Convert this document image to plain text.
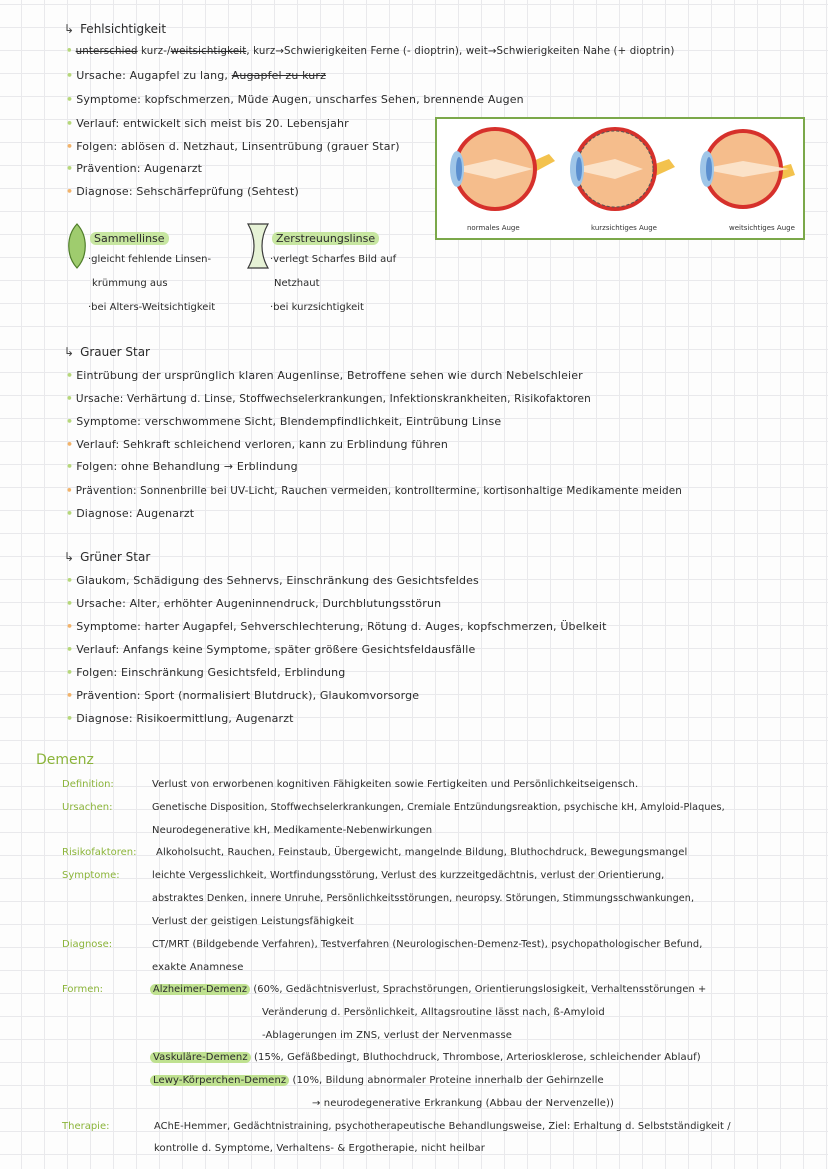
↳ Fehlsichtigkeit
• unterschied kurz-/weitsichtigkeit, kurz→Schwierigkeiten Ferne (- dioptrin), weit→Schwierigkeiten Nahe (+ dioptrin)
• Ursache: Augapfel zu lang, Augapfel zu kurz
• Symptome: kopfschmerzen, Müde Augen, unscharfes Sehen, brennende Augen
• Verlauf: entwickelt sich meist bis 20. Lebensjahr
• Folgen: ablösen d. Netzhaut, Linsentrübung (grauer Star)
• Prävention: Augenarzt
• Diagnose: Sehschärfeprüfung (Sehtest)
normales Auge	kurzsichtiges Auge	weitsichtiges Auge
Sammellinse
·gleicht fehlende Linsen-
krümmung aus
·bei Alters-Weitsichtigkeit
Zerstreuungslinse
·verlegt Scharfes Bild auf
Netzhaut
·bei kurzsichtigkeit
↳ Grauer Star
• Eintrübung der ursprünglich klaren Augenlinse, Betroffene sehen wie durch Nebelschleier
• Ursache: Verhärtung d. Linse, Stoffwechselerkrankungen, Infektionskrankheiten, Risikofaktoren
• Symptome: verschwommene Sicht, Blendempfindlichkeit, Eintrübung Linse
• Verlauf: Sehkraft schleichend verloren, kann zu Erblindung führen
• Folgen: ohne Behandlung → Erblindung
• Prävention: Sonnenbrille bei UV-Licht, Rauchen vermeiden, kontrolltermine, kortisonhaltige Medikamente meiden
• Diagnose: Augenarzt
↳ Grüner Star
• Glaukom, Schädigung des Sehnervs, Einschränkung des Gesichtsfeldes
• Ursache: Alter, erhöhter Augeninnendruck, Durchblutungsstörun
• Symptome: harter Augapfel, Sehverschlechterung, Rötung d. Auges, kopfschmerzen, Übelkeit
• Verlauf: Anfangs keine Symptome, später größere Gesichtsfeldausfälle
• Folgen: Einschränkung Gesichtsfeld, Erblindung
• Prävention: Sport (normalisiert Blutdruck), Glaukomvorsorge
• Diagnose: Risikoermittlung, Augenarzt
Demenz
Definition:	Verlust von erworbenen kognitiven Fähigkeiten sowie Fertigkeiten und Persönlichkeitseigensch.
Ursachen:	Genetische Disposition, Stoffwechselerkrankungen, Cremiale Entzündungsreaktion, psychische kH, Amyloid-Plaques,
Neurodegenerative kH, Medikamente-Nebenwirkungen
Risikofaktoren: Alkoholsucht, Rauchen, Feinstaub, Übergewicht, mangelnde Bildung, Bluthochdruck, Bewegungsmangel
Symptome:	leichte Vergesslichkeit, Wortfindungsstörung, Verlust des kurzzeitgedächtnis, verlust der Orientierung,
abstraktes Denken, innere Unruhe, Persönlichkeitsstörungen, neuropsy. Störungen, Stimmungsschwankungen,
Verlust der geistigen Leistungsfähigkeit
Diagnose:	CT/MRT (Bildgebende Verfahren), Testverfahren (Neurologischen-Demenz-Test), psychopathologischer Befund,
exakte Anamnese
Formen:	Alzheimer-Demenz (60%, Gedächtnisverlust, Sprachstörungen, Orientierungslosigkeit, Verhaltensstörungen +
Veränderung d. Persönlichkeit, Alltagsroutine lässt nach, ß-Amyloid
-Ablagerungen im ZNS, verlust der Nervenmasse
Vaskuläre-Demenz (15%, Gefäßbedingt, Bluthochdruck, Thrombose, Arteriosklerose, schleichender Ablauf)
Lewy-Körperchen-Demenz (10%, Bildung abnormaler Proteine innerhalb der Gehirnzelle
→ neurodegenerative Erkrankung (Abbau der Nervenzelle))
Therapie:	AChE-Hemmer, Gedächtnistraining, psychotherapeutische Behandlungsweise, Ziel: Erhaltung d. Selbstständigkeit /
kontrolle d. Symptome, Verhaltens- & Ergotherapie, nicht heilbar
